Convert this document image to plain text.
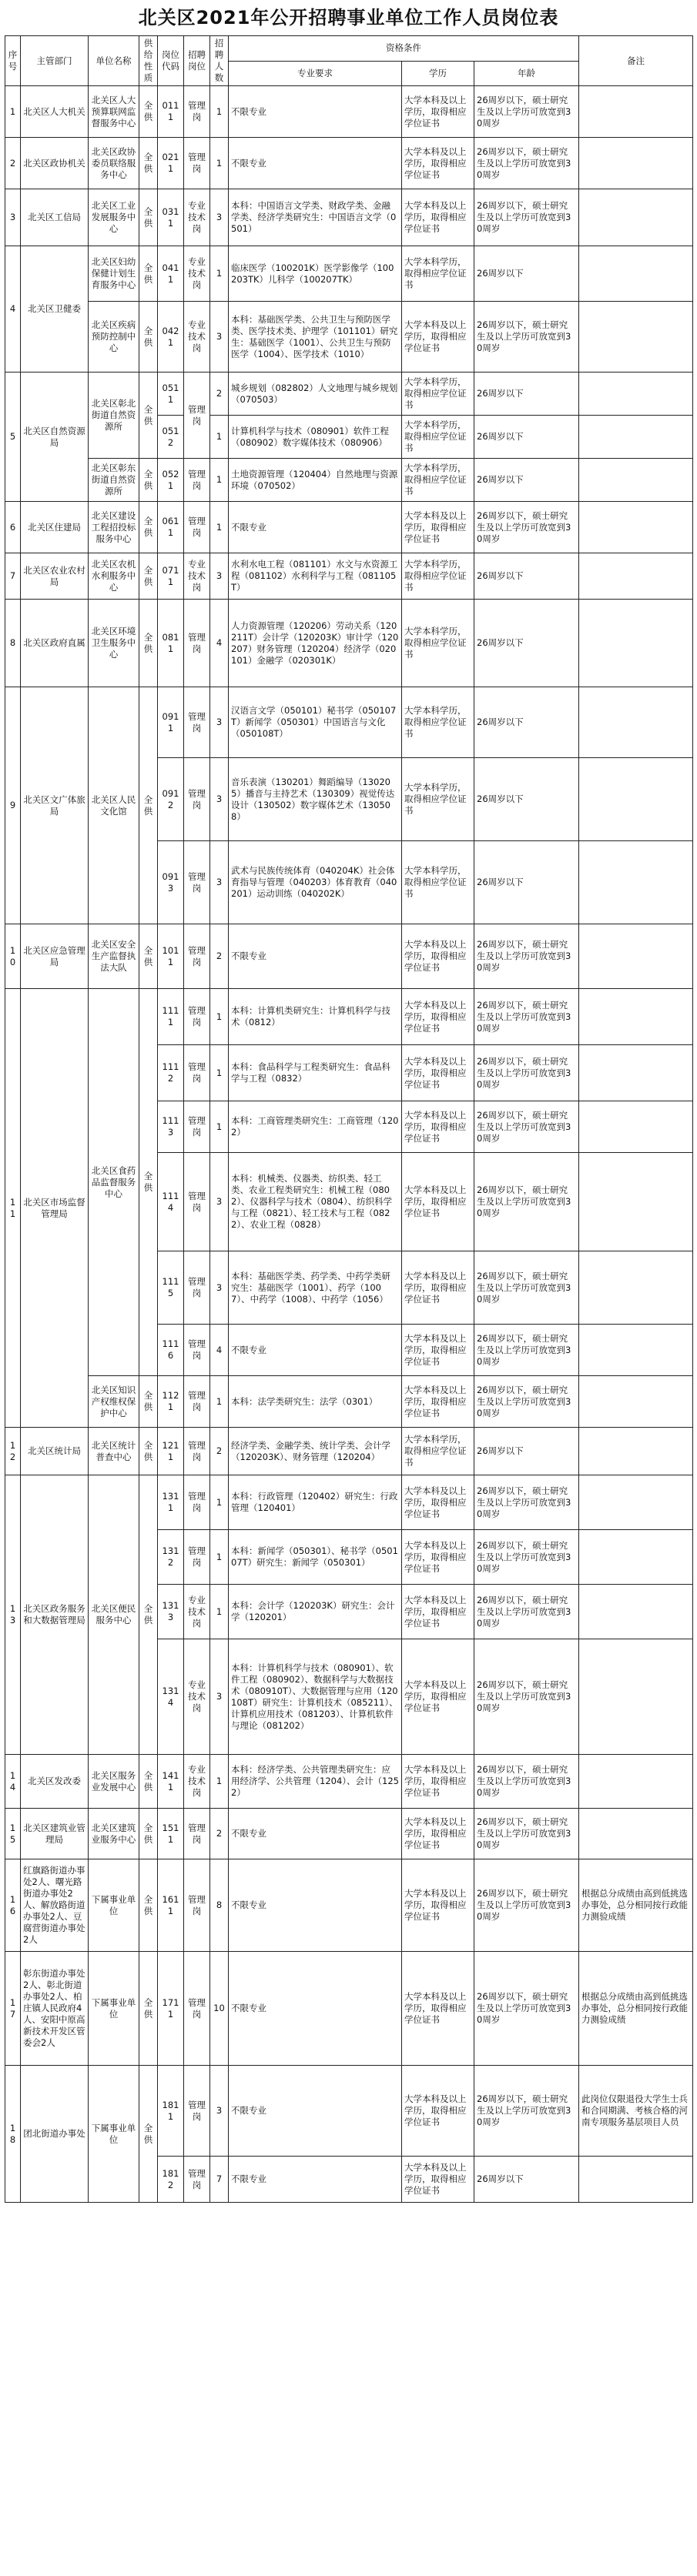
北关区2021年公开招聘事业单位工作人员岗位表
序号	主管部门	单位名称	供给性质	岗位代码	招聘岗位	招聘人数	资格条件			备注
							专业要求	学历	年龄	
1	北关区人大机关	北关区人大预算联网监督服务中心	全供	0111	管理岗	1	不限专业	大学本科及以上学历，取得相应学位证书	26周岁以下，硕士研究生及以上学历可放宽到30周岁	
2	北关区政协机关	北关区政协委员联络服务中心	全供	0211	管理岗	1	不限专业	大学本科及以上学历，取得相应学位证书	26周岁以下，硕士研究生及以上学历可放宽到30周岁	
3	北关区工信局	北关区工业发展服务中心	全供	0311	专业技术岗	3	本科：中国语言文学类、财政学类、金融学类、经济学类研究生：中国语言文学（0501）	大学本科及以上学历，取得相应学位证书	26周岁以下，硕士研究生及以上学历可放宽到30周岁	
4	北关区卫健委	北关区妇幼保健计划生育服务中心	全供	0411	专业技术岗	1	临床医学（100201K）医学影像学（100203TK）儿科学（100207TK）	大学本科学历，取得相应学位证书	26周岁以下	
		北关区疾病预防控制中心	全供	0421	专业技术岗	3	本科：基础医学类、公共卫生与预防医学类、医学技术类、护理学（101101）研究生：基础医学（1001）、公共卫生与预防医学（1004）、医学技术（1010）	大学本科及以上学历，取得相应学位证书	26周岁以下，硕士研究生及以上学历可放宽到30周岁	
5	北关区自然资源局	北关区彰北街道自然资源所	全供	0511	管理岗	2	城乡规划（082802）人文地理与城乡规划（070503）	大学本科学历，取得相应学位证书	26周岁以下	
				0512		1	计算机科学与技术（080901）软件工程（080902）数字媒体技术（080906）	大学本科学历，取得相应学位证书	26周岁以下	
		北关区彰东街道自然资源所	全供	0521	管理岗	1	土地资源管理（120404）自然地理与资源环境（070502）	大学本科学历，取得相应学位证书	26周岁以下	
6	北关区住建局	北关区建设工程招投标服务中心	全供	0611	管理岗	1	不限专业	大学本科及以上学历，取得相应学位证书	26周岁以下，硕士研究生及以上学历可放宽到30周岁	
7	北关区农业农村局	北关区农机水利服务中心	全供	0711	专业技术岗	3	水利水电工程（081101）水文与水资源工程（081102）水利科学与工程（081105T）	大学本科学历，取得相应学位证书	26周岁以下	
8	北关区政府直属	北关区环境卫生服务中心	全供	0811	管理岗	4	人力资源管理（120206）劳动关系（120211T）会计学（120203K）审计学（120207）财务管理（120204）经济学（020101）金融学（020301K）	大学本科学历，取得相应学位证书	26周岁以下	
9	北关区文广体旅局	北关区人民文化馆	全供	0911	管理岗	3	汉语言文学（050101）秘书学（050107T）新闻学（050301）中国语言与文化（050108T）	大学本科学历，取得相应学位证书	26周岁以下	
				0912	管理岗	3	音乐表演（130201）舞蹈编导（130205）播音与主持艺术（130309）视觉传达设计（130502）数字媒体艺术（130508）	大学本科学历，取得相应学位证书	26周岁以下	
				0913	管理岗	3	武术与民族传统体育（040204K）社会体育指导与管理（040203）体育教育（040201）运动训练（040202K）	大学本科学历，取得相应学位证书	26周岁以下	
10	北关区应急管理局	北关区安全生产监督执法大队	全供	1011	管理岗	2	不限专业	大学本科及以上学历，取得相应学位证书	26周岁以下，硕士研究生及以上学历可放宽到30周岁	
11	北关区市场监督管理局	北关区食药品监督服务中心	全供	1111	管理岗	1	本科：计算机类研究生：计算机科学与技术（0812）	大学本科及以上学历，取得相应学位证书	26周岁以下，硕士研究生及以上学历可放宽到30周岁	
				1112	管理岗	1	本科：食品科学与工程类研究生：食品科学与工程（0832）	大学本科及以上学历，取得相应学位证书	26周岁以下，硕士研究生及以上学历可放宽到30周岁	
				1113	管理岗	1	本科：工商管理类研究生：工商管理（1202）	大学本科及以上学历，取得相应学位证书	26周岁以下，硕士研究生及以上学历可放宽到30周岁	
				1114	管理岗	3	本科：机械类、仪器类、纺织类、轻工类、农业工程类研究生：机械工程（0802）、仪器科学与技术（0804）、纺织科学与工程（0821）、轻工技术与工程（0822）、农业工程（0828）	大学本科及以上学历，取得相应学位证书	26周岁以下，硕士研究生及以上学历可放宽到30周岁	
				1115	管理岗	3	本科：基础医学类、药学类、中药学类研究生：基础医学（1001）、药学（1007）、中药学（1008）、中药学（1056）	大学本科及以上学历，取得相应学位证书	26周岁以下，硕士研究生及以上学历可放宽到30周岁	
				1116	管理岗	4	不限专业	大学本科及以上学历，取得相应学位证书	26周岁以下，硕士研究生及以上学历可放宽到30周岁	
		北关区知识产权维权保护中心	全供	1121	管理岗	1	本科：法学类研究生：法学（0301）	大学本科及以上学历，取得相应学位证书	26周岁以下，硕士研究生及以上学历可放宽到30周岁	
12	北关区统计局	北关区统计普查中心	全供	1211	管理岗	2	经济学类、金融学类、统计学类、会计学（120203K）、财务管理（120204）	大学本科学历，取得相应学位证书	26周岁以下	
13	北关区政务服务和大数据管理局	北关区便民服务中心	全供	1311	管理岗	1	本科：行政管理（120402）研究生：行政管理（120401）	大学本科及以上学历，取得相应学位证书	26周岁以下，硕士研究生及以上学历可放宽到30周岁	
				1312	管理岗	1	本科：新闻学（050301）、秘书学（050107T）研究生：新闻学（050301）	大学本科及以上学历，取得相应学位证书	26周岁以下，硕士研究生及以上学历可放宽到30周岁	
				1313	专业技术岗	1	本科：会计学（120203K）研究生：会计学（120201）	大学本科及以上学历，取得相应学位证书	26周岁以下，硕士研究生及以上学历可放宽到30周岁	
				1314	专业技术岗	3	本科：计算机科学与技术（080901）、软件工程（080902）、数据科学与大数据技术（080910T）、大数据管理与应用（120108T）研究生：计算机技术（085211）、计算机应用技术（081203）、计算机软件与理论（081202）	大学本科及以上学历，取得相应学位证书	26周岁以下，硕士研究生及以上学历可放宽到30周岁	
14	北关区发改委	北关区服务业发展中心	全供	1411	专业技术岗	1	本科：经济学类、公共管理类研究生：应用经济学、公共管理（1204）、会计（1252）	大学本科及以上学历，取得相应学位证书	26周岁以下，硕士研究生及以上学历可放宽到30周岁	
15	北关区建筑业管理局	北关区建筑业服务中心	全供	1511	管理岗	2	不限专业	大学本科及以上学历，取得相应学位证书	26周岁以下，硕士研究生及以上学历可放宽到30周岁	
16	红旗路街道办事处2人、曙光路街道办事处2人、解放路街道办事处2人、豆腐营街道办事处2人	下属事业单位	全供	1611	管理岗	8	不限专业	大学本科及以上学历，取得相应学位证书	26周岁以下，硕士研究生及以上学历可放宽到30周岁	根据总分成绩由高到低挑选办事处，总分相同按行政能力测验成绩
17	彰东街道办事处2人、彰北街道办事处2人、柏庄镇人民政府4人、安阳中原高新技术开发区管委会2人	下属事业单位	全供	1711	管理岗	10	不限专业	大学本科及以上学历，取得相应学位证书	26周岁以下，硕士研究生及以上学历可放宽到30周岁	根据总分成绩由高到低挑选办事处，总分相同按行政能力测验成绩
18	团北街道办事处	下属事业单位	全供	1811	管理岗	3	不限专业	大学本科及以上学历，取得相应学位证书	26周岁以下，硕士研究生及以上学历可放宽到30周岁	此岗位仅限退役大学生士兵和合同期满、考核合格的河南专项服务基层项目人员
				1812	管理岗	7	不限专业	大学本科及以上学历，取得相应学位证书	26周岁以下	
